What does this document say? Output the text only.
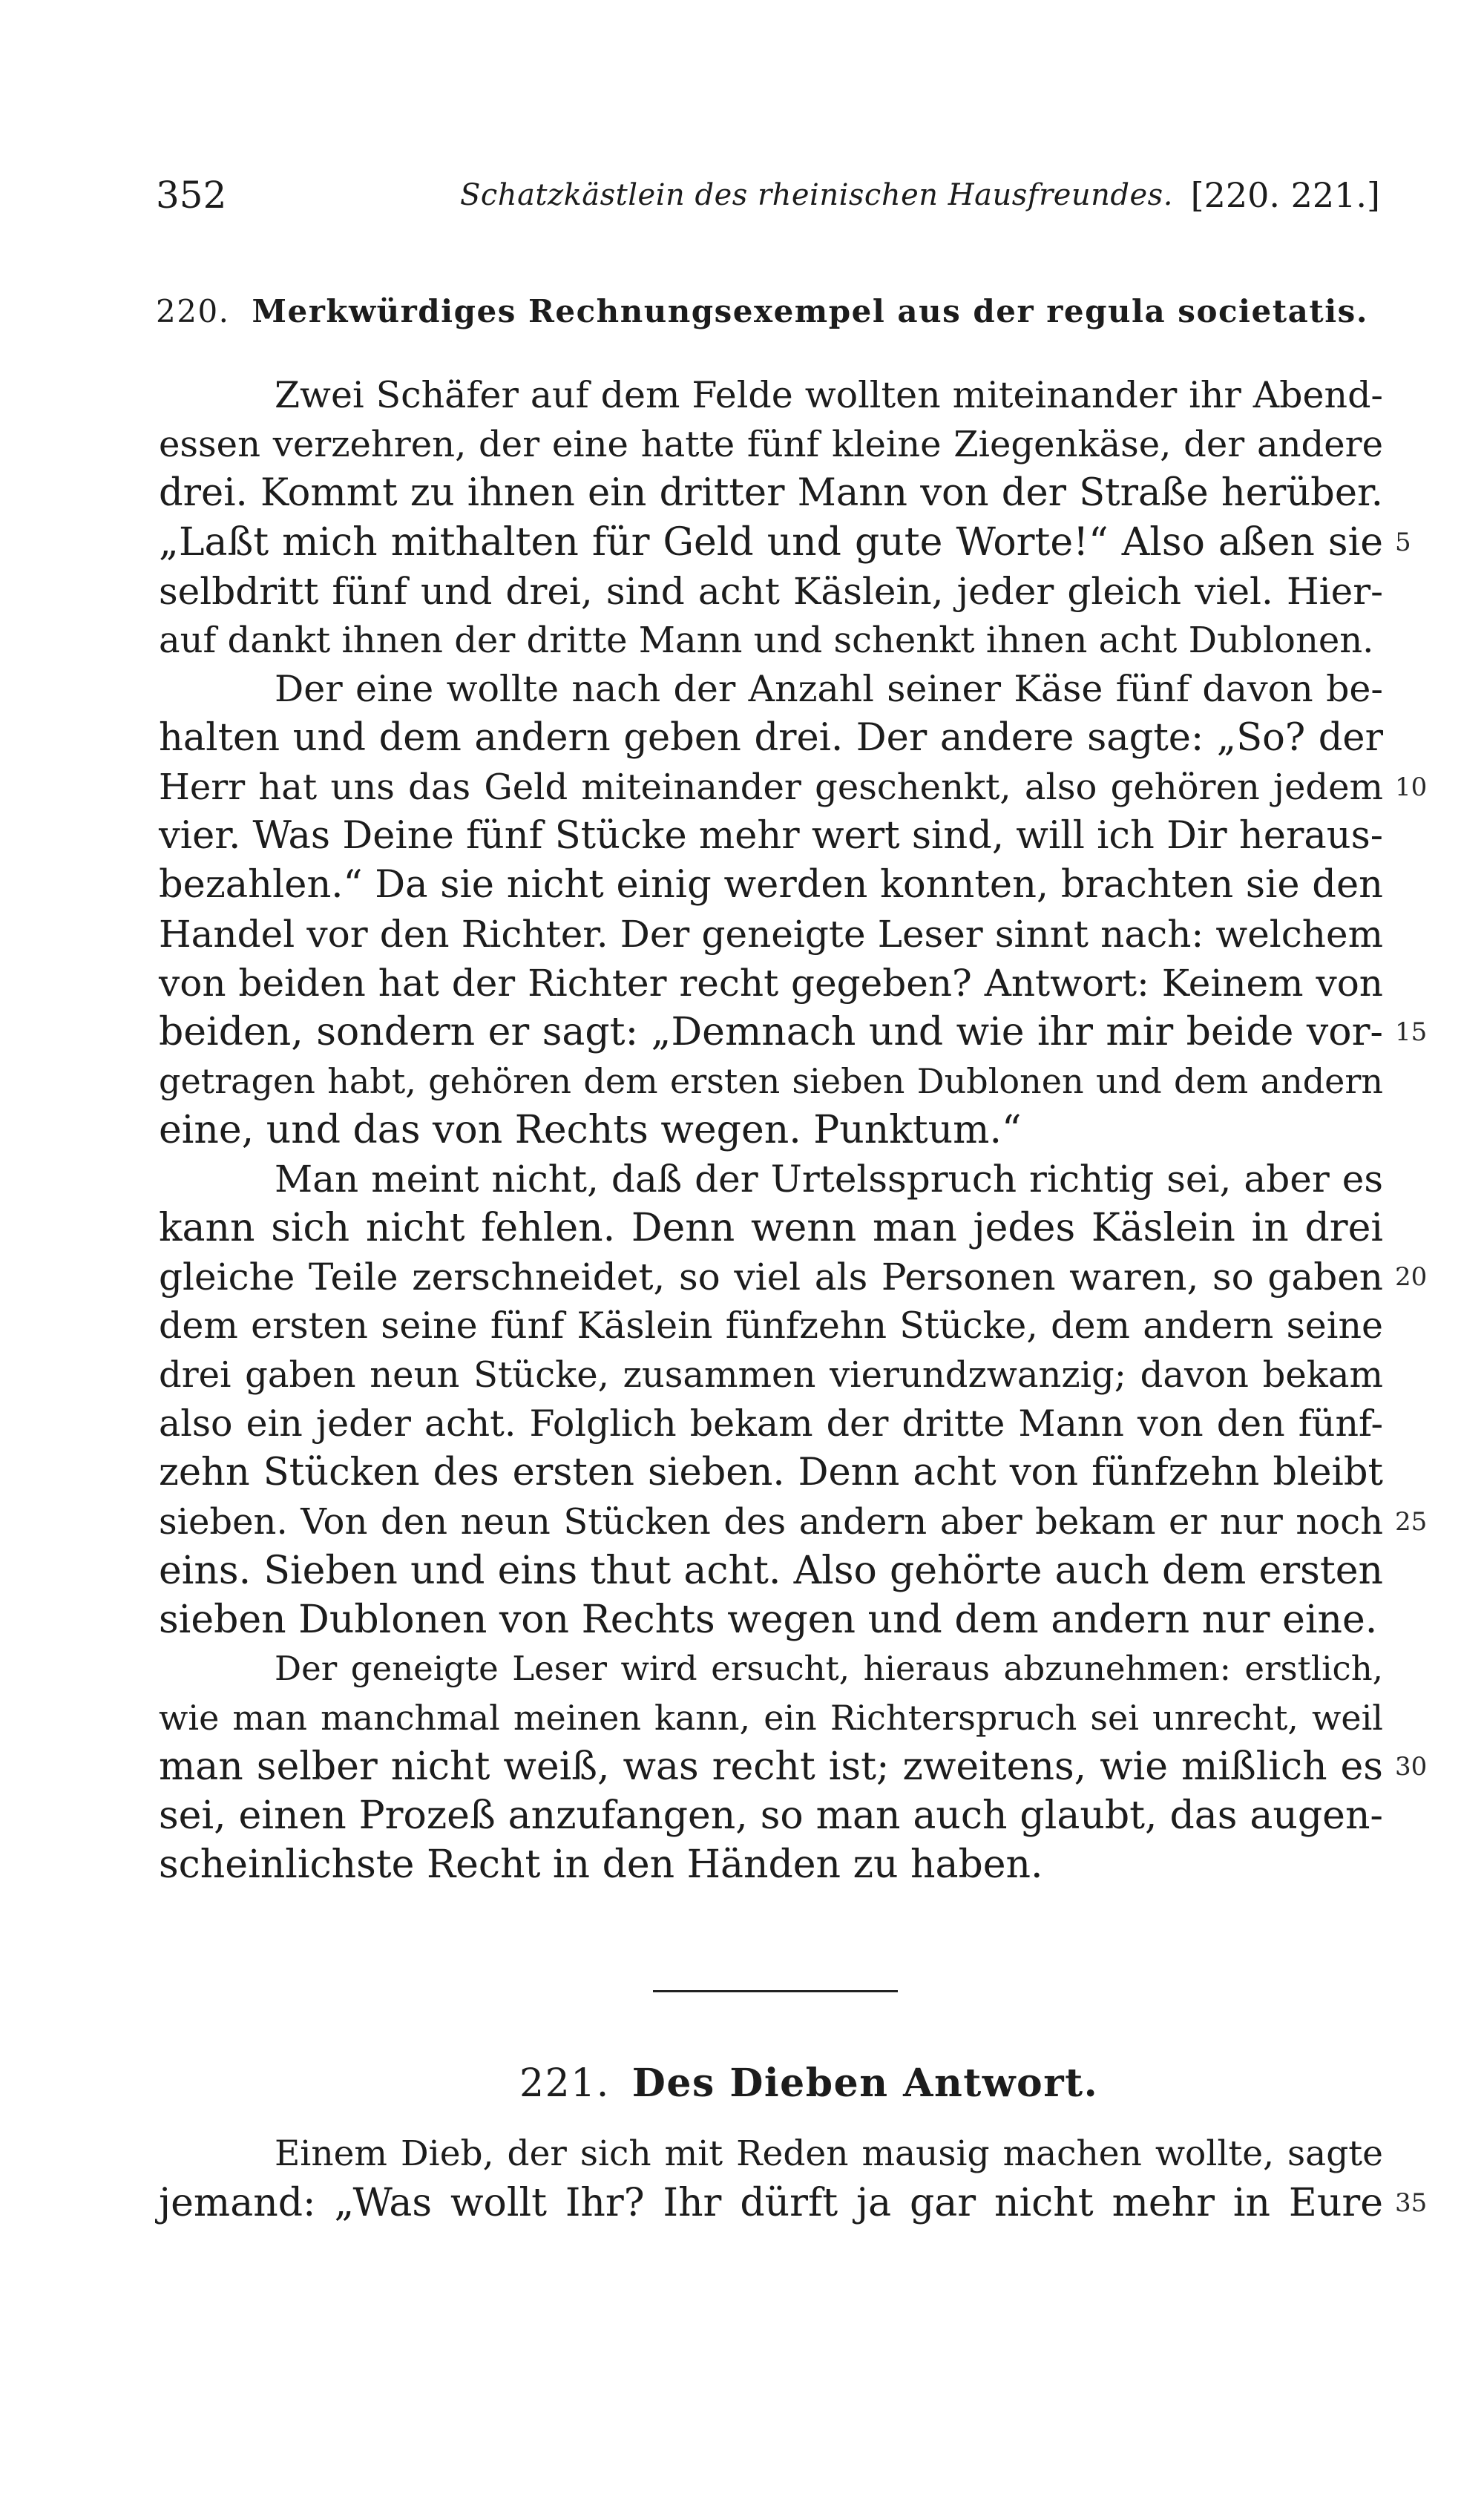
352	Schatzkästlein des rheinischen Hausfreundes. [220. 221.]
220. Merkwürdiges Rechnungsexempel aus der regula societatis.
Zwei Schäfer auf dem Felde wollten miteinander ihr Abend-
essen verzehren, der eine hatte fünf kleine Ziegenkäse, der andere
drei. Kommt zu ihnen ein dritter Mann von der Straße herüber.
„Laßt mich mithalten für Geld und gute Worte!“ Also aßen sie
selbdritt fünf und drei, sind acht Käslein, jeder gleich viel. Hier-
auf dankt ihnen der dritte Mann und schenkt ihnen acht Dublonen.
Der eine wollte nach der Anzahl seiner Käse fünf davon be-
halten und dem andern geben drei. Der andere sagte: „So? der
Herr hat uns das Geld miteinander geschenkt, also gehören jedem
vier. Was Deine fünf Stücke mehr wert sind, will ich Dir heraus-
bezahlen.“ Da sie nicht einig werden konnten, brachten sie den
Handel vor den Richter. Der geneigte Leser sinnt nach: welchem
von beiden hat der Richter recht gegeben? Antwort: Keinem von
beiden, sondern er sagt: „Demnach und wie ihr mir beide vor-
getragen habt, gehören dem ersten sieben Dublonen und dem andern
eine, und das von Rechts wegen. Punktum.“
Man meint nicht, daß der Urtelsspruch richtig sei, aber es
kann sich nicht fehlen. Denn wenn man jedes Käslein in drei
gleiche Teile zerschneidet, so viel als Personen waren, so gaben
dem ersten seine fünf Käslein fünfzehn Stücke, dem andern seine
drei gaben neun Stücke, zusammen vierundzwanzig; davon bekam
also ein jeder acht. Folglich bekam der dritte Mann von den fünf-
zehn Stücken des ersten sieben. Denn acht von fünfzehn bleibt
sieben. Von den neun Stücken des andern aber bekam er nur noch
eins. Sieben und eins thut acht. Also gehörte auch dem ersten
sieben Dublonen von Rechts wegen und dem andern nur eine.
Der geneigte Leser wird ersucht, hieraus abzunehmen: erstlich,
wie man manchmal meinen kann, ein Richterspruch sei unrecht, weil
man selber nicht weiß, was recht ist; zweitens, wie mißlich es
sei, einen Prozeß anzufangen, so man auch glaubt, das augen-
scheinlichste Recht in den Händen zu haben.
221. Des Dieben Antwort.
Einem Dieb, der sich mit Reden mausig machen wollte, sagte
jemand: „Was wollt Ihr? Ihr dürft ja gar nicht mehr in Eure
5
10
15
20
25
30
35
